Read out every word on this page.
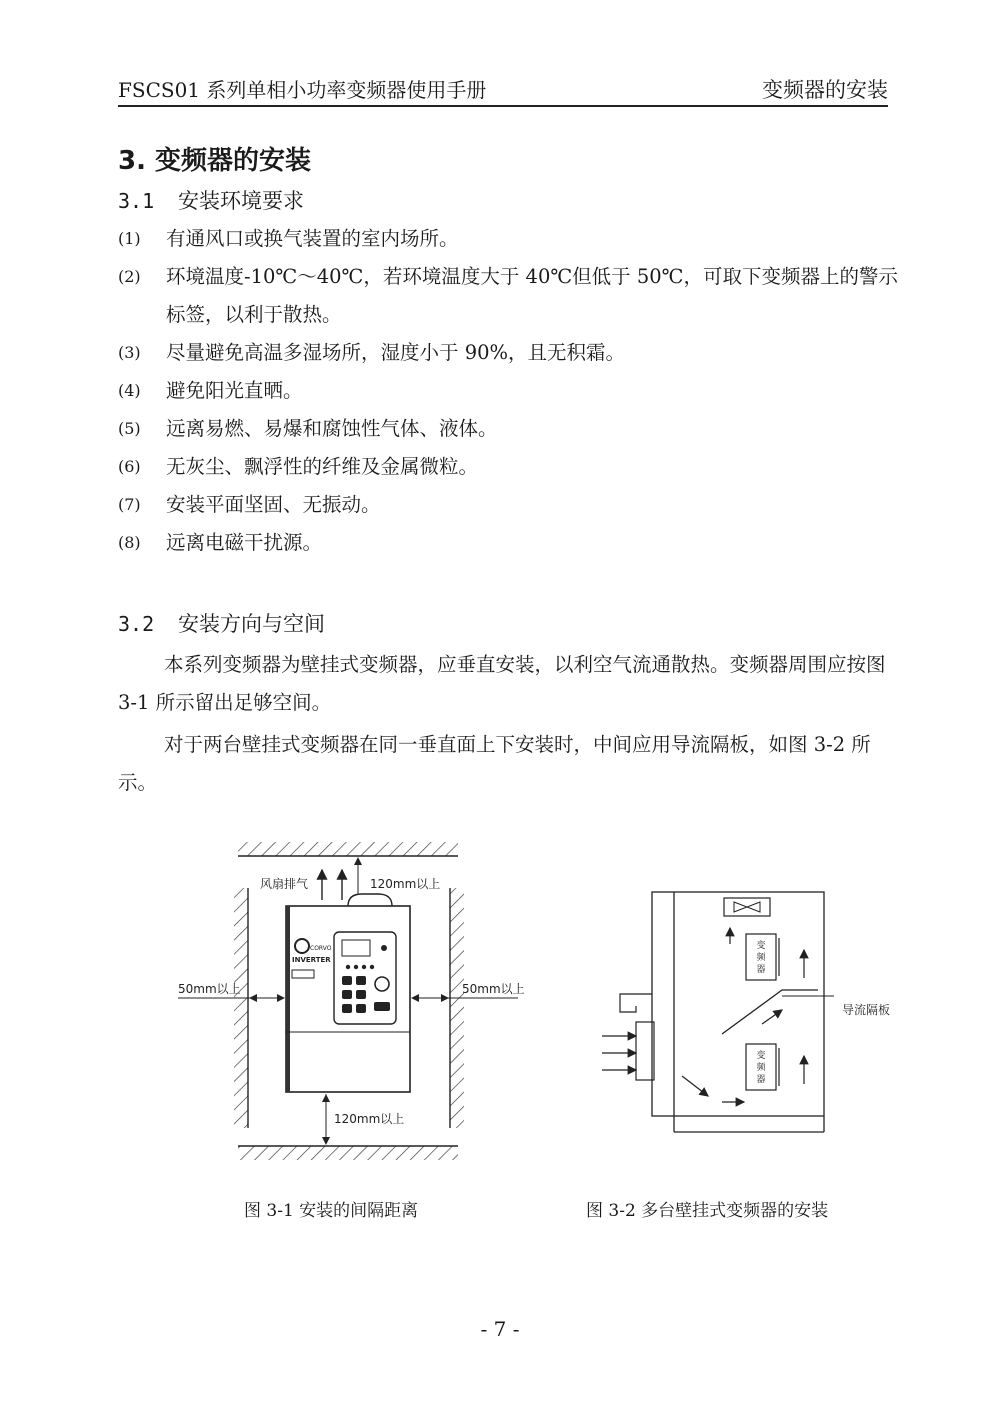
FSCS01 系列单相小功率变频器使用手册	变频器的安装
3. 变频器的安装
3.1 安装环境要求
(1) 有通风口或换气装置的室内场所。
(2) 环境温度-10℃～40℃，若环境温度大于 40℃但低于 50℃，可取下变频器上的警示标签，以利于散热。
(3) 尽量避免高温多湿场所，湿度小于 90%，且无积霜。
(4) 避免阳光直晒。
(5) 远离易燃、易爆和腐蚀性气体、液体。
(6) 无灰尘、飘浮性的纤维及金属微粒。
(7) 安装平面坚固、无振动。
(8) 远离电磁干扰源。
3.2 安装方向与空间

本系列变频器为壁挂式变频器，应垂直安装，以利空气流通散热。变频器周围应按图 3-1 所示留出足够空间。

对于两台壁挂式变频器在同一垂直面上下安装时，中间应用导流隔板，如图 3-2 所示。

CORVO
INVERTER
风扇排气	120mm以上
50mm以上	50mm以上
120mm以上
图 3-1 安装的间隔距离
变
频
器
导流隔板
变
频
器
图 3-2 多台壁挂式变频器的安装
- 7 -
